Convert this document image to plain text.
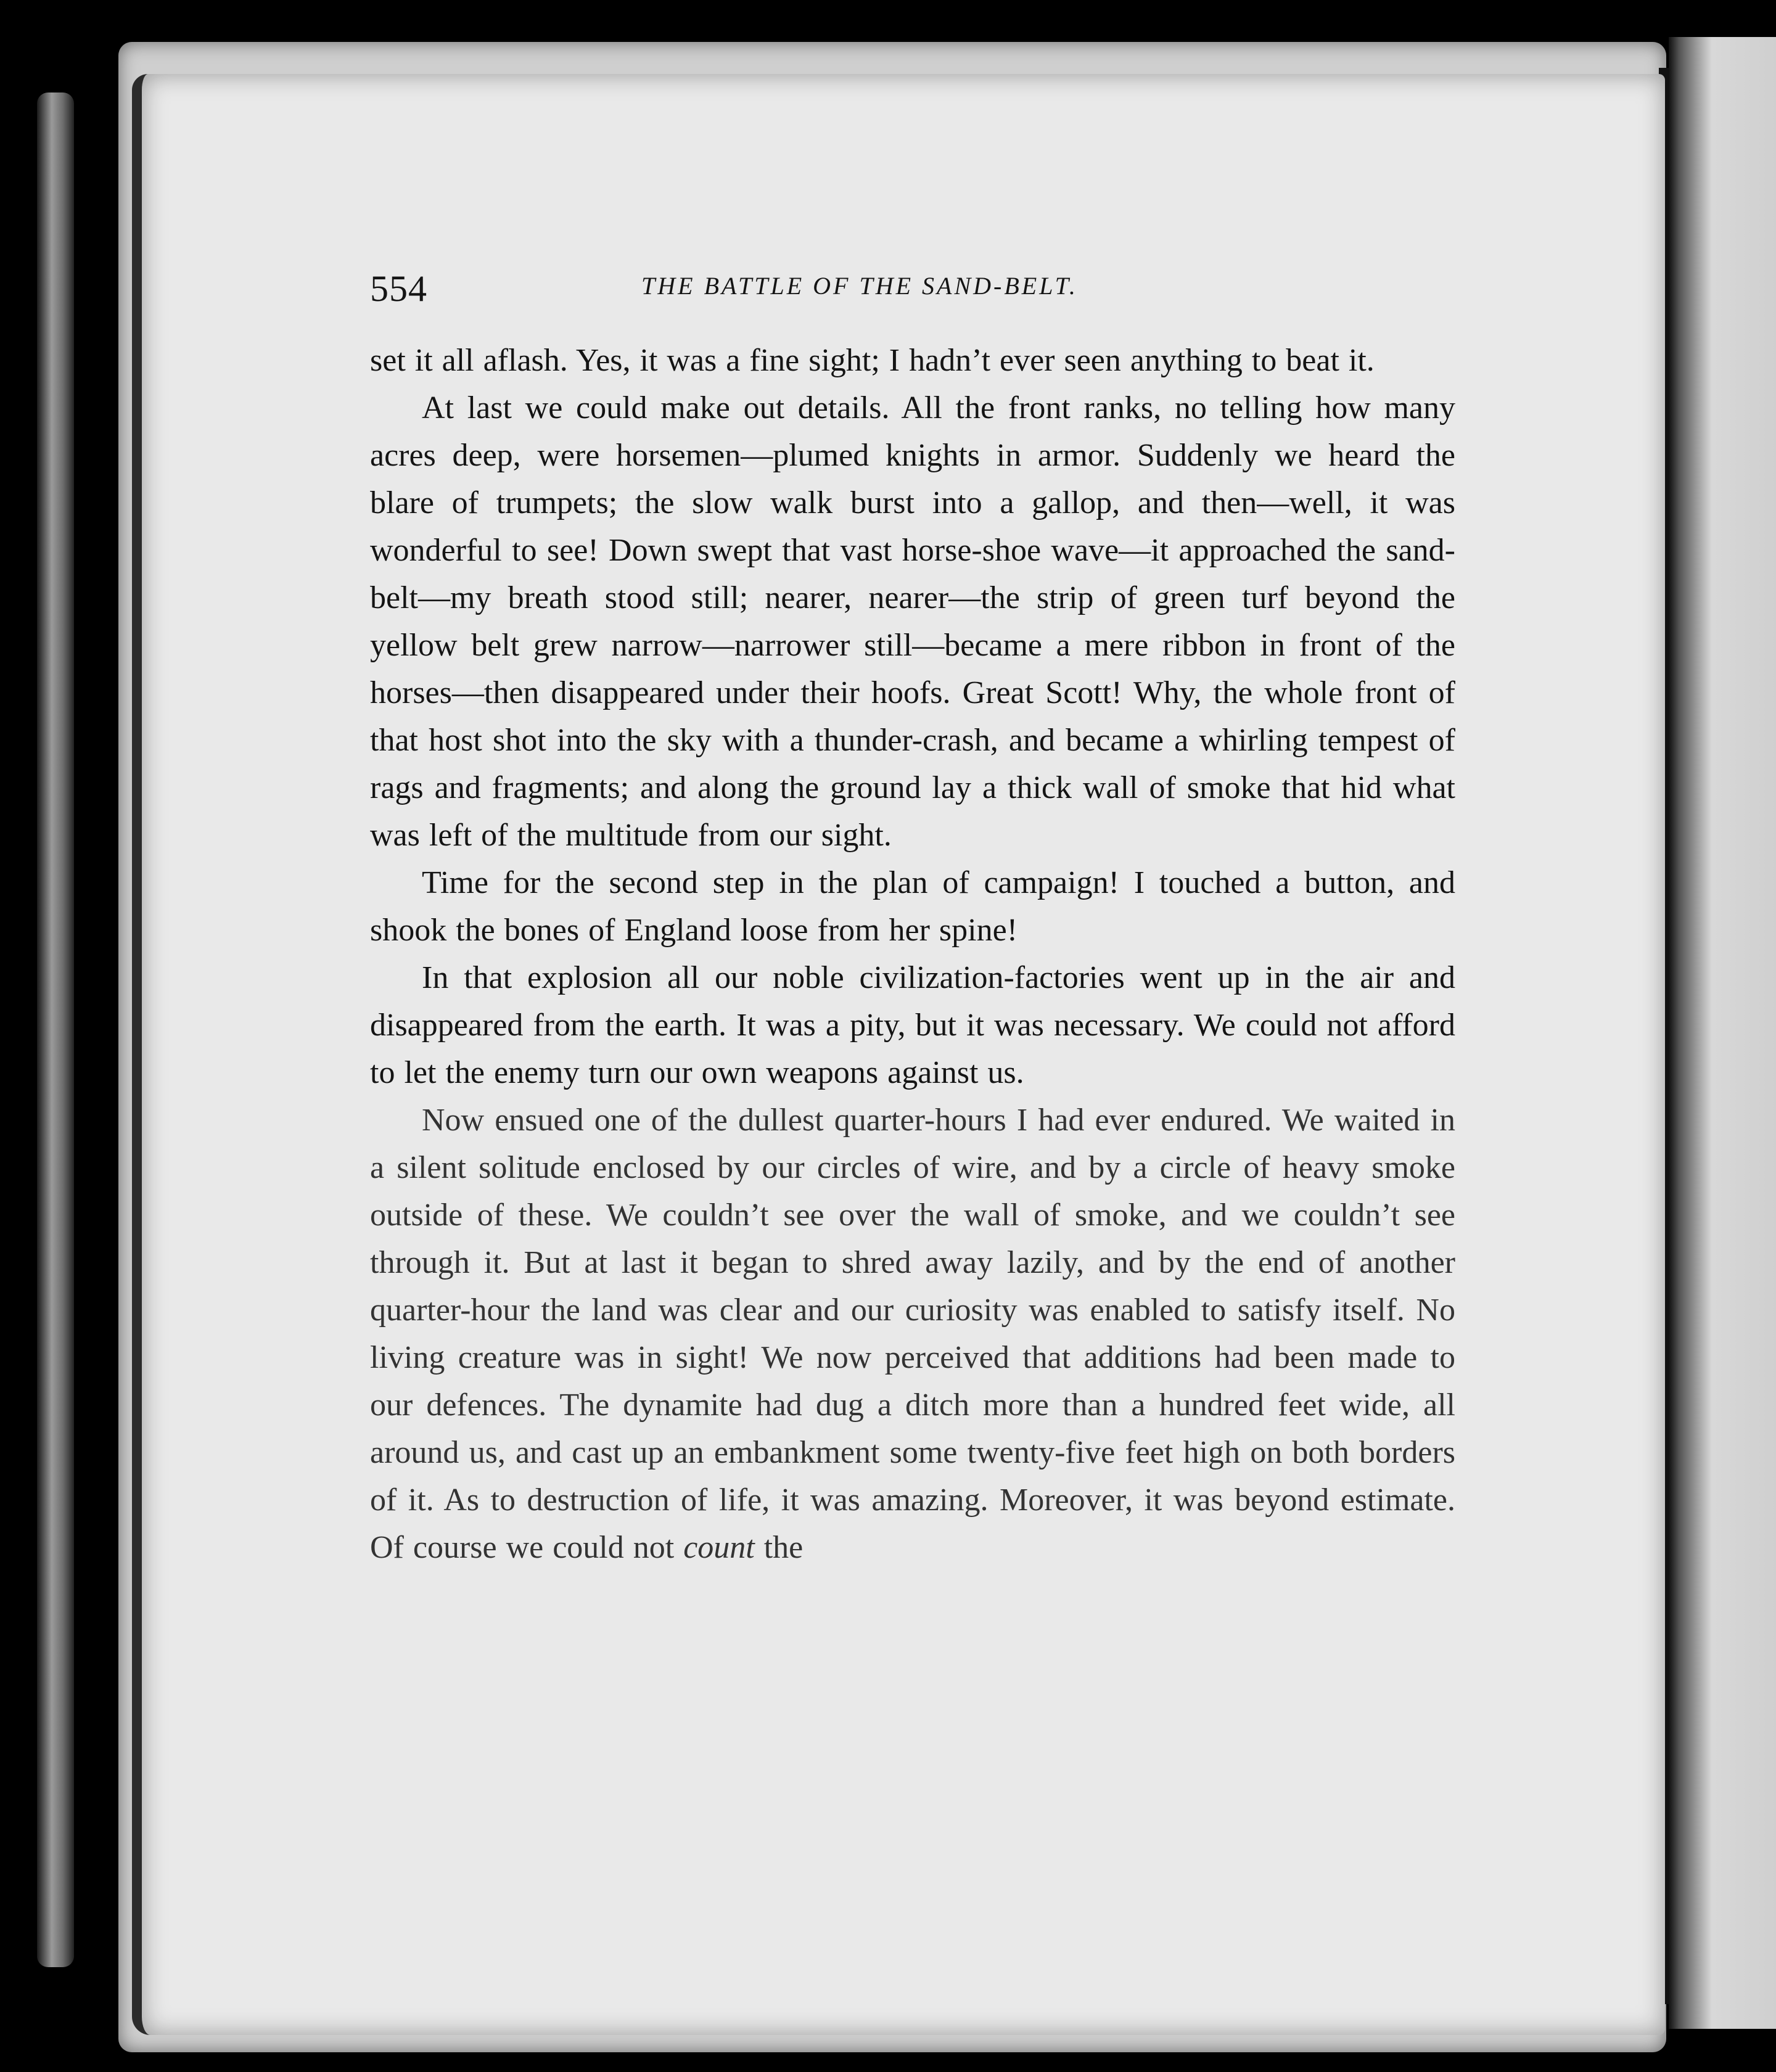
554	THE BATTLE OF THE SAND-BELT.

set it all aflash. Yes, it was a fine sight; I hadn’t ever seen anything to beat it.

At last we could make out details. All the front ranks, no telling how many acres deep, were horsemen—plumed knights in armor. Suddenly we heard the blare of trumpets; the slow walk burst into a gallop, and then—well, it was wonderful to see! Down swept that vast horse-shoe wave—it approached the sand-belt—my breath stood still; nearer, nearer—the strip of green turf beyond the yellow belt grew narrow—narrower still—became a mere ribbon in front of the horses—then disappeared under their hoofs. Great Scott! Why, the whole front of that host shot into the sky with a thunder-crash, and became a whirling tempest of rags and fragments; and along the ground lay a thick wall of smoke that hid what was left of the multitude from our sight.

Time for the second step in the plan of campaign! I touched a button, and shook the bones of England loose from her spine!

In that explosion all our noble civilization-factories went up in the air and disappeared from the earth. It was a pity, but it was necessary. We could not afford to let the enemy turn our own weapons against us.

Now ensued one of the dullest quarter-hours I had ever endured. We waited in a silent solitude enclosed by our circles of wire, and by a circle of heavy smoke outside of these. We couldn’t see over the wall of smoke, and we couldn’t see through it. But at last it began to shred away lazily, and by the end of another quarter-hour the land was clear and our curiosity was enabled to satisfy itself. No living creature was in sight! We now perceived that additions had been made to our defences. The dynamite had dug a ditch more than a hundred feet wide, all around us, and cast up an embankment some twenty-five feet high on both borders of it. As to destruction of life, it was amazing. Moreover, it was beyond estimate. Of course we could not count the
